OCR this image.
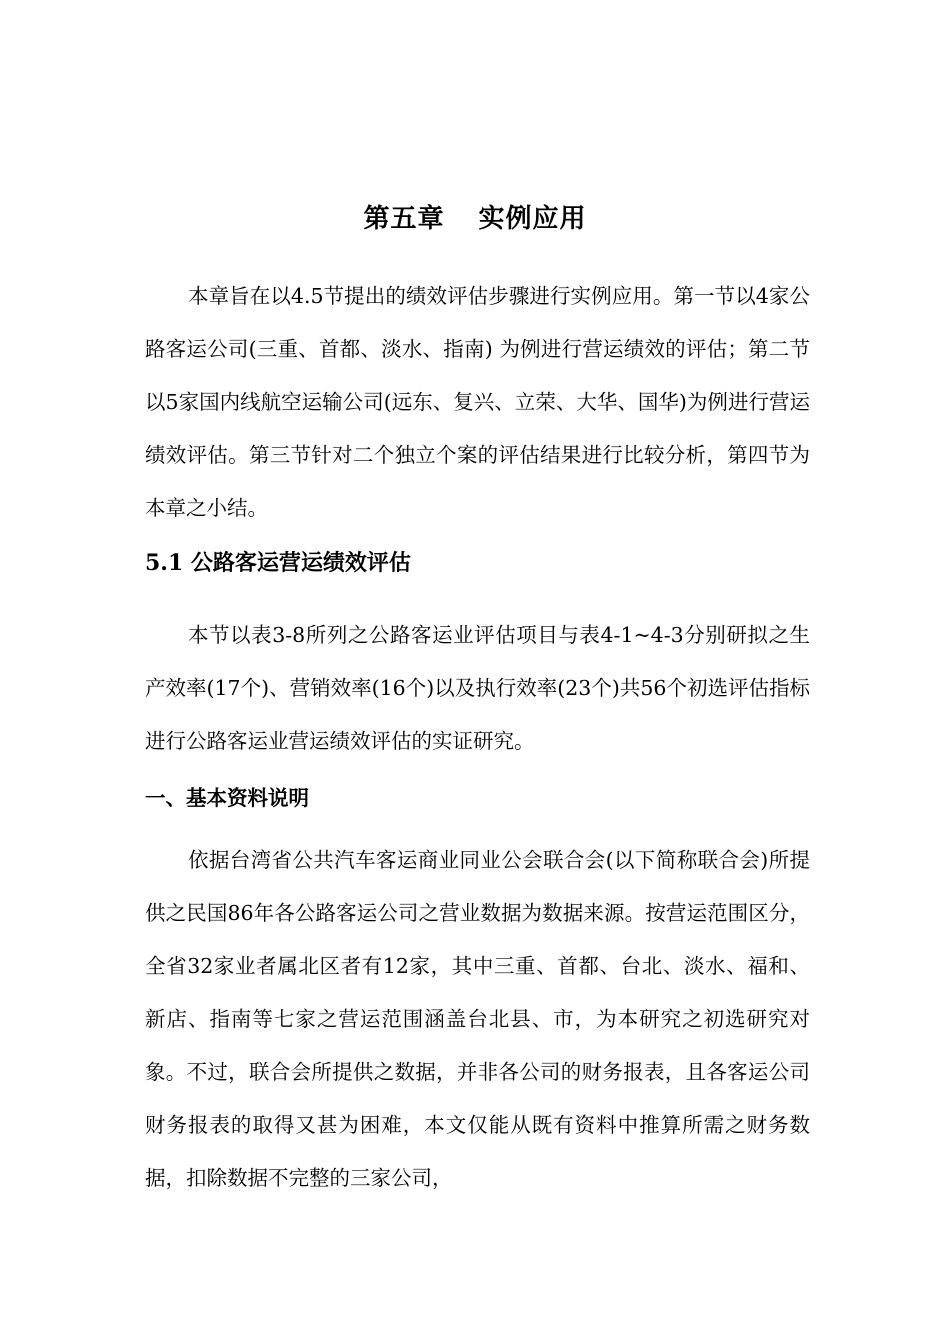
第五章 实例应用

本章旨在以4.5节提出的绩效评估步骤进行实例应用。第一节以4家公路客运公司(三重、首都、淡水、指南) 为例进行营运绩效的评估；第二节以5家国内线航空运输公司(远东、复兴、立荣、大华、国华)为例进行营运绩效评估。第三节针对二个独立个案的评估结果进行比较分析，第四节为本章之小结。

5.1 公路客运营运绩效评估

本节以表3-8所列之公路客运业评估项目与表4-1~4-3分别研拟之生产效率(17个)、营销效率(16个)以及执行效率(23个)共56个初选评估指标进行公路客运业营运绩效评估的实证研究。

一、基本资料说明

依据台湾省公共汽车客运商业同业公会联合会(以下简称联合会)所提供之民国86年各公路客运公司之营业数据为数据来源。按营运范围区分，全省32家业者属北区者有12家，其中三重、首都、台北、淡水、福和、新店、指南等七家之营运范围涵盖台北县、市，为本研究之初选研究对象。不过，联合会所提供之数据，并非各公司的财务报表，且各客运公司财务报表的取得又甚为困难，本文仅能从既有资料中推算所需之财务数据，扣除数据不完整的三家公司，
